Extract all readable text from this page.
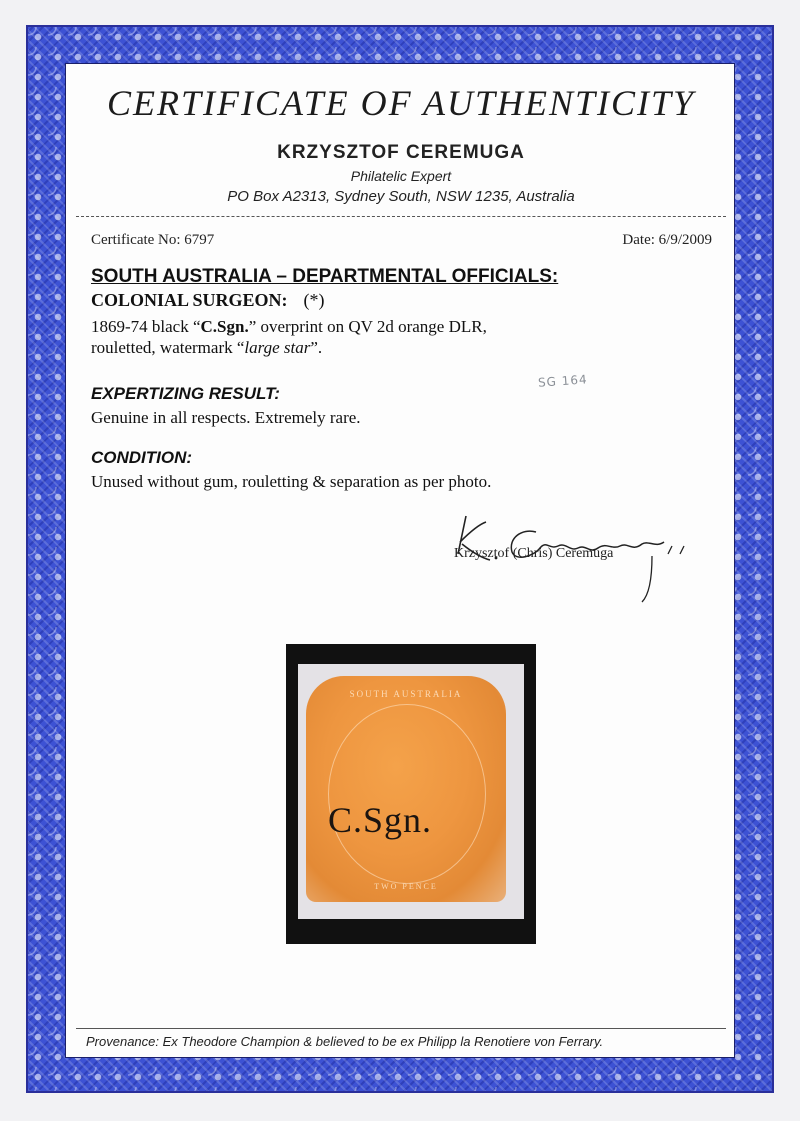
CERTIFICATE OF AUTHENTICITY
KRZYSZTOF CEREMUGA
Philatelic Expert
PO Box A2313, Sydney South, NSW 1235, Australia
Certificate No: 6797	Date: 6/9/2009
SOUTH AUSTRALIA – DEPARTMENTAL OFFICIALS:
COLONIAL SURGEON: (*)
1869-74 black “C.Sgn.” overprint on QV 2d orange DLR,
rouletted, watermark “large star”.
SG 164
EXPERTIZING RESULT:
Genuine in all respects. Extremely rare.
CONDITION:
Unused without gum, rouletting & separation as per photo.
Krzysztof (Chris) Ceremuga
SOUTH AUSTRALIA
TWO PENCE
C.Sgn.
Provenance: Ex Theodore Champion & believed to be ex Philipp la Renotiere von Ferrary.
